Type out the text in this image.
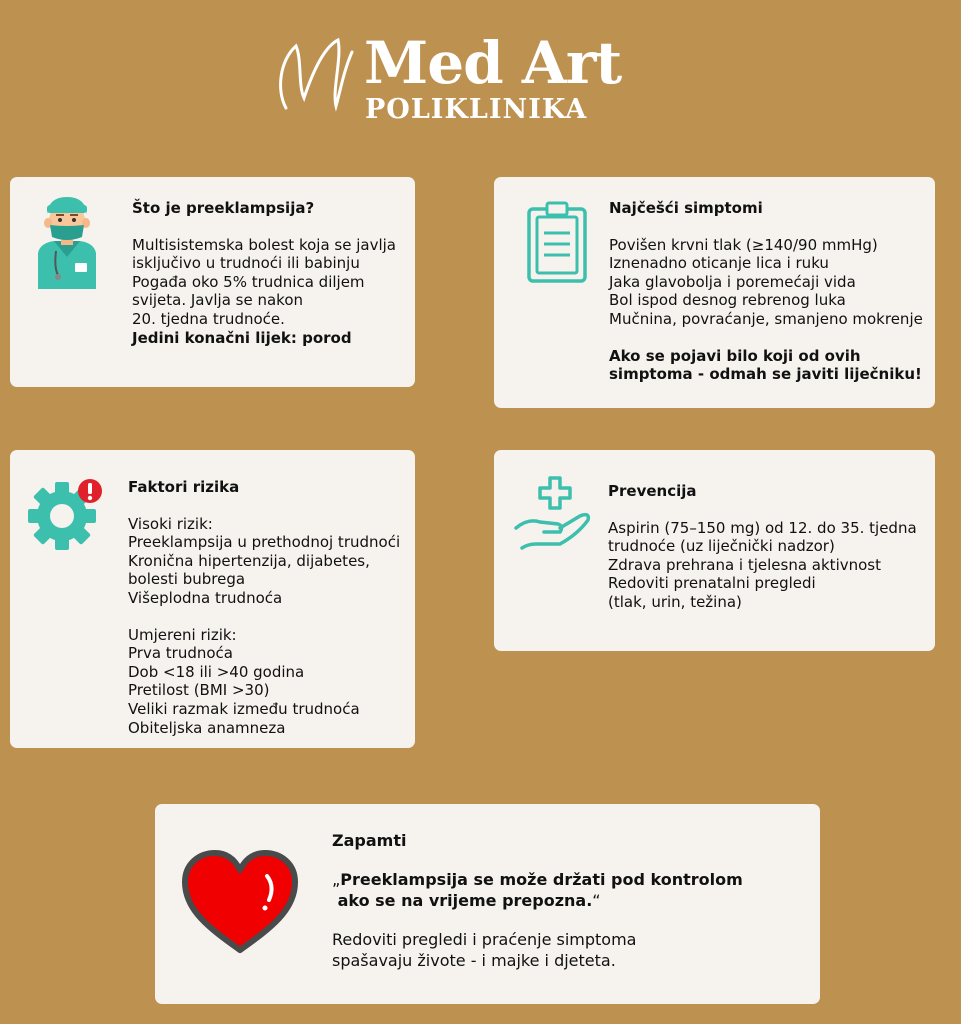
Med Art
POLIKLINIKA
Što je preeklampsija?

Multisistemska bolest koja se javlja

isključivo u trudnoći ili babinju

Pogađa oko 5% trudnica diljem

svijeta. Javlja se nakon

20. tjedna trudnoće.

Jedini konačni lijek: porod

Najčešći simptomi

Povišen krvni tlak (≥140/90 mmHg)

Iznenadno oticanje lica i ruku

Jaka glavobolja i poremećaji vida

Bol ispod desnog rebrenog luka

Mučnina, povraćanje, smanjeno mokrenje

Ako se pojavi bilo koji od ovih

simptoma - odmah se javiti liječniku!

Faktori rizika

Visoki rizik:

Preeklampsija u prethodnoj trudnoći

Kronična hipertenzija, dijabetes,

bolesti bubrega

Višeplodna trudnoća

Umjereni rizik:

Prva trudnoća

Dob <18 ili >40 godina

Pretilost (BMI >30)

Veliki razmak između trudnoća

Obiteljska anamneza

Prevencija

Aspirin (75–150 mg) od 12. do 35. tjedna

trudnoće (uz liječnički nadzor)

Zdrava prehrana i tjelesna aktivnost

Redoviti prenatalni pregledi

(tlak, urin, težina)

Zapamti

„Preeklampsija se može držati pod kontrolom

ako se na vrijeme prepozna.“

Redoviti pregledi i praćenje simptoma

spašavaju živote - i majke i djeteta.
